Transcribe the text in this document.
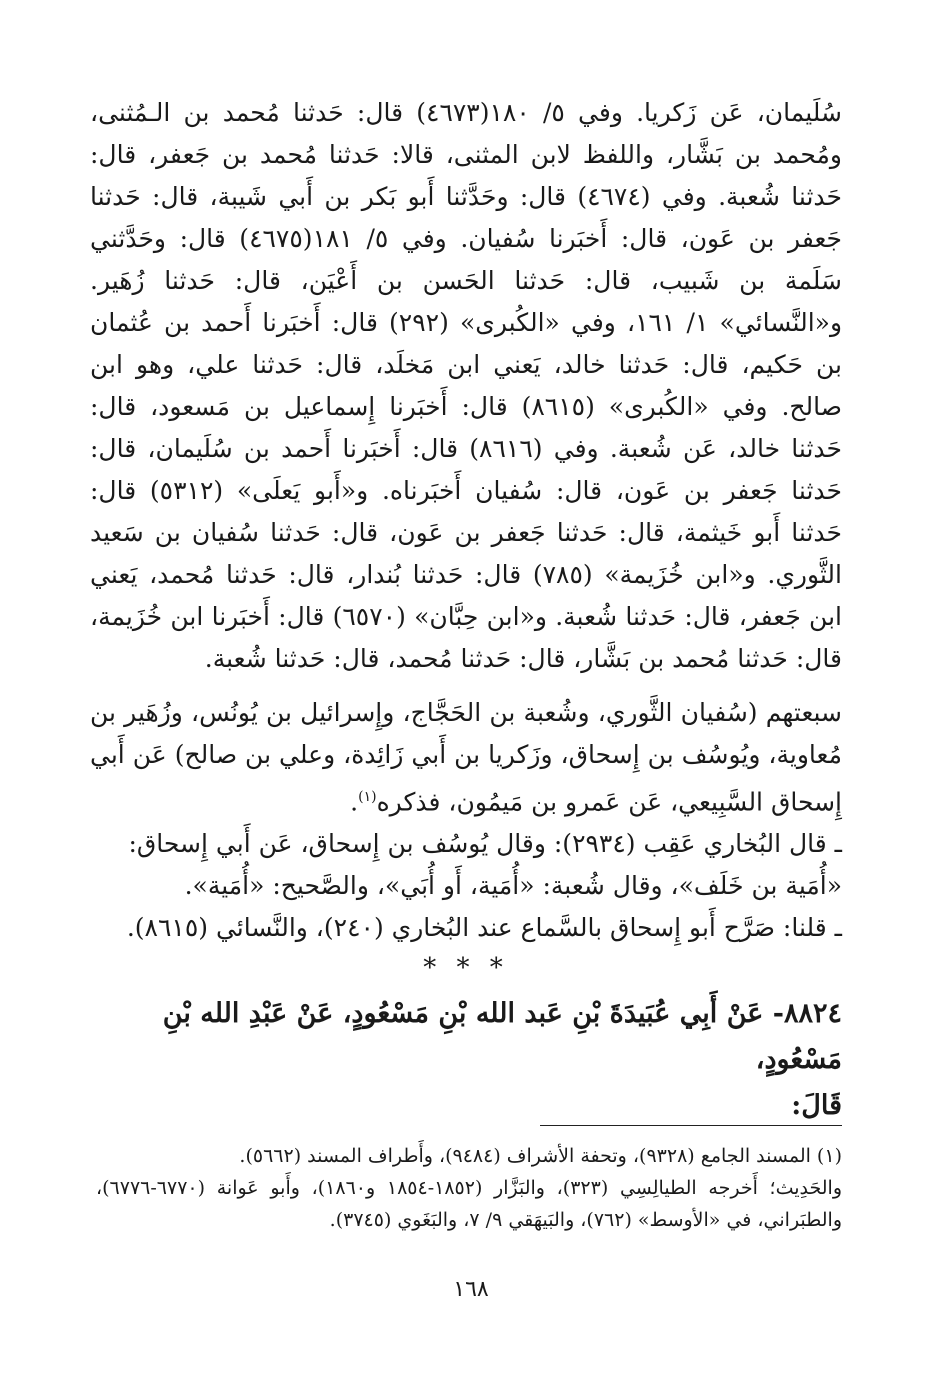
سُلَيمان، عَن زَكريا. وفي ٥/ ١٨٠(٤٦٧٣) قال: حَدثنا مُحمد بن الـمُثنى، ومُحمد بن بَشَّار، واللفظ لابن المثنى، قالا: حَدثنا مُحمد بن جَعفر، قال: حَدثنا شُعبة. وفي (٤٦٧٤) قال: وحَدَّثنا أَبو بَكر بن أَبي شَيبة، قال: حَدثنا جَعفر بن عَون، قال: أَخبَرنا سُفيان. وفي ٥/ ١٨١(٤٦٧٥) قال: وحَدَّثني سَلَمة بن شَبيب، قال: حَدثنا الحَسن بن أَعْيَن، قال: حَدثنا زُهَير. و«النَّسائي» ١/ ١٦١، وفي «الكُبرى» (٢٩٢) قال: أَخبَرنا أَحمد بن عُثمان بن حَكيم، قال: حَدثنا خالد، يَعني ابن مَخلَد، قال: حَدثنا علي، وهو ابن صالح. وفي «الكُبرى» (٨٦١٥) قال: أَخبَرنا إِسماعيل بن مَسعود، قال: حَدثنا خالد، عَن شُعبة. وفي (٨٦١٦) قال: أَخبَرنا أَحمد بن سُلَيمان، قال: حَدثنا جَعفر بن عَون، قال: سُفيان أَخبَرناه. و«أَبو يَعلَى» (٥٣١٢) قال: حَدثنا أَبو خَيثمة، قال: حَدثنا جَعفر بن عَون، قال: حَدثنا سُفيان بن سَعيد الثَّوري. و«ابن خُزَيمة» (٧٨٥) قال: حَدثنا بُندار، قال: حَدثنا مُحمد، يَعني ابن جَعفر، قال: حَدثنا شُعبة. و«ابن حِبَّان» (٦٥٧٠) قال: أَخبَرنا ابن خُزَيمة، قال: حَدثنا مُحمد بن بَشَّار، قال: حَدثنا مُحمد، قال: حَدثنا شُعبة.

سبعتهم (سُفيان الثَّوري، وشُعبة بن الحَجَّاج، وإِسرائيل بن يُونُس، وزُهَير بن مُعاوية، ويُوسُف بن إِسحاق، وزَكريا بن أَبي زَائِدة، وعلي بن صالح) عَن أَبي إِسحاق السَّبِيعي، عَن عَمرو بن مَيمُون، فذكره$^{(١)}$.

ـ قال البُخاري عَقِب (٢٩٣٤): وقال يُوسُف بن إِسحاق، عَن أَبي إِسحاق:

«أُمَية بن خَلَف»، وقال شُعبة: «أُمَية، أَو أُبَي»، والصَّحيح: «أُمَية».

ـ قلنا: صَرَّح أَبو إِسحاق بالسَّماع عند البُخاري (٢٤٠)، والنَّسائي (٨٦١٥).

* * *

٨٨٢٤- عَنْ أَبِي عُبَيدَةَ بْنِ عَبد الله بْنِ مَسْعُودٍ، عَنْ عَبْدِ الله بْنِ مَسْعُودٍ،

قَالَ:

(١) المسند الجامع (٩٣٢٨)، وتحفة الأشراف (٩٤٨٤)، وأَطراف المسند (٥٦٦٢).

والحَدِيث؛ أَخرجه الطيالِسِي (٣٢٣)، والبَزَّار (١٨٥٢-١٨٥٤ و١٨٦٠)، وأَبو عَوانة (٦٧٧٠-٦٧٧٦)، والطبَراني، في «الأوسط» (٧٦٢)، والبَيهَقي ٩/ ٧، والبَغَوي (٣٧٤٥).

١٦٨
